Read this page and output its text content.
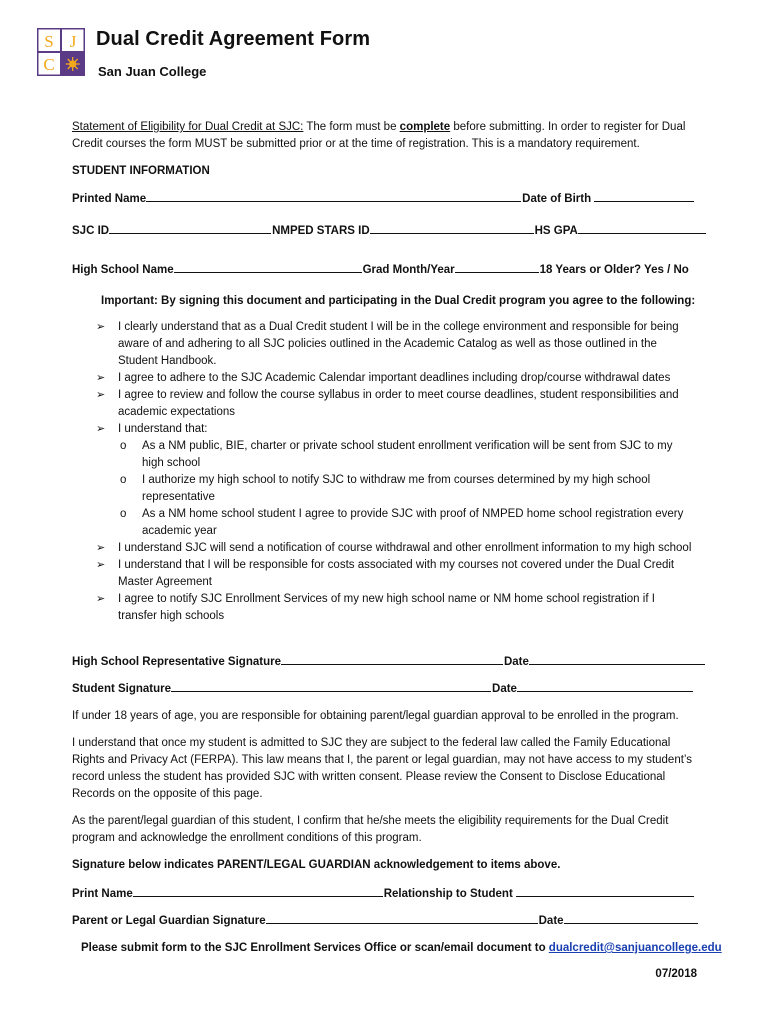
S J
C
Dual Credit Agreement Form
San Juan College
Statement of Eligibility for Dual Credit at SJC: The form must be complete before submitting. In order to register for Dual Credit courses the form MUST be submitted prior or at the time of registration. This is a mandatory requirement.
STUDENT INFORMATION
Printed Name	Date of Birth
SJC ID	NMPED STARS ID	HS GPA
High School Name	Grad Month/Year	18 Years or Older? Yes / No
Important: By signing this document and participating in the Dual Credit program you agree to the following:
➢ I clearly understand that as a Dual Credit student I will be in the college environment and responsible for being aware of and adhering to all SJC policies outlined in the Academic Catalog as well as those outlined in the Student Handbook.
➢ I agree to adhere to the SJC Academic Calendar important deadlines including drop/course withdrawal dates
➢ I agree to review and follow the course syllabus in order to meet course deadlines, student responsibilities and academic expectations
➢ I understand that:
o As a NM public, BIE, charter or private school student enrollment verification will be sent from SJC to my high school
o I authorize my high school to notify SJC to withdraw me from courses determined by my high school representative
o As a NM home school student I agree to provide SJC with proof of NMPED home school registration every academic year
➢ I understand SJC will send a notification of course withdrawal and other enrollment information to my high school
➢ I understand that I will be responsible for costs associated with my courses not covered under the Dual Credit Master Agreement
➢ I agree to notify SJC Enrollment Services of my new high school name or NM home school registration if I transfer high schools
High School Representative Signature	Date
Student Signature	Date
If under 18 years of age, you are responsible for obtaining parent/legal guardian approval to be enrolled in the program.
I understand that once my student is admitted to SJC they are subject to the federal law called the Family Educational Rights and Privacy Act (FERPA). This law means that I, the parent or legal guardian, may not have access to my student’s record unless the student has provided SJC with written consent. Please review the Consent to Disclose Educational Records on the opposite of this page.
As the parent/legal guardian of this student, I confirm that he/she meets the eligibility requirements for the Dual Credit program and acknowledge the enrollment conditions of this program.
Signature below indicates PARENT/LEGAL GUARDIAN acknowledgement to items above.
Print Name	Relationship to Student
Parent or Legal Guardian Signature	Date
Please submit form to the SJC Enrollment Services Office or scan/email document to dualcredit@sanjuancollege.edu
07/2018
